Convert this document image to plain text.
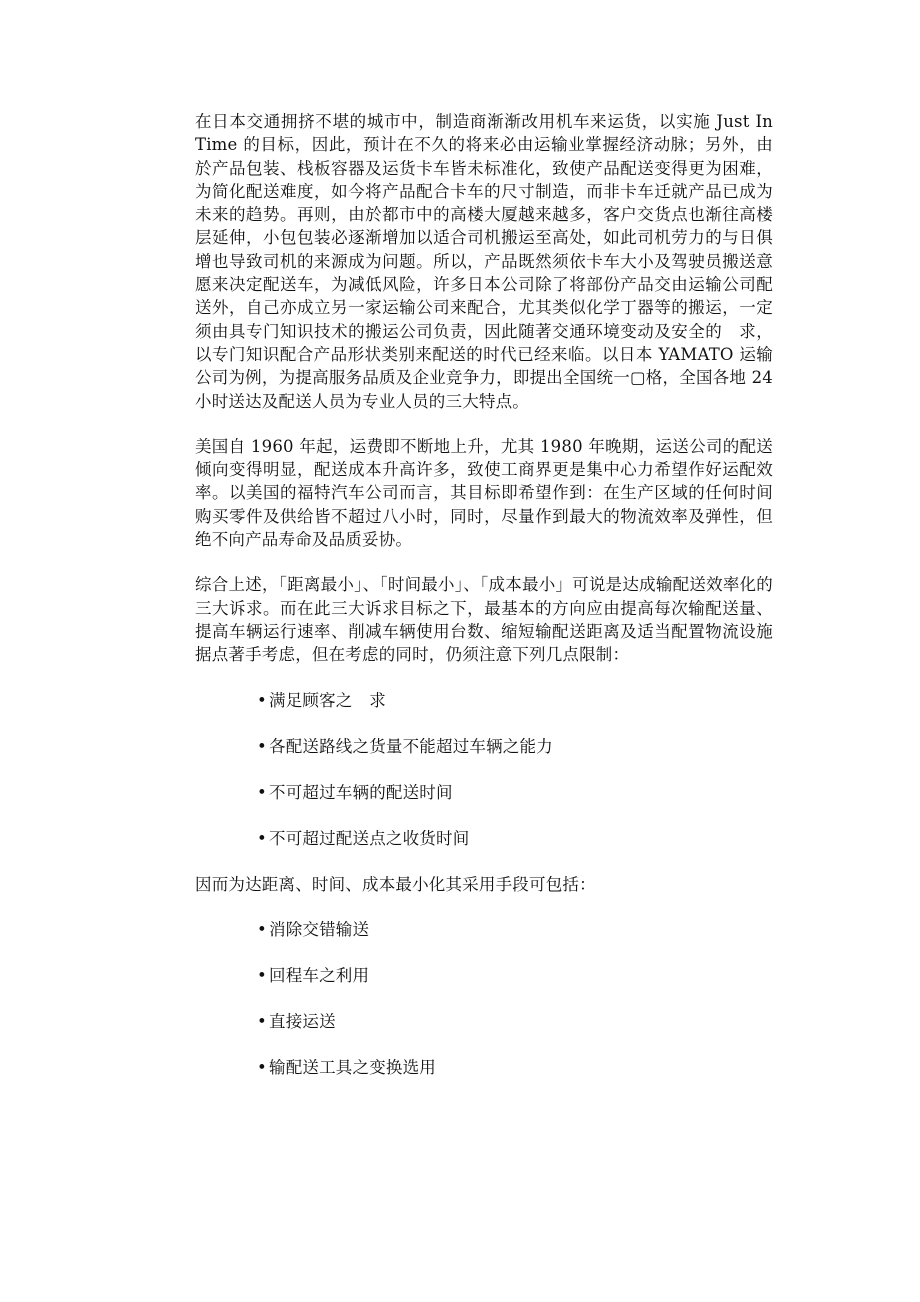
在日本交通拥挤不堪的城市中，制造商渐渐改用机车来运货，以实施 Just In Time 的目标，因此，预计在不久的将来必由运输业掌握经济动脉；另外，由於产品包装、栈板容器及运货卡车皆未标准化，致使产品配送变得更为困难，为简化配送难度，如今将产品配合卡车的尺寸制造，而非卡车迁就产品已成为未来的趋势。再则，由於都市中的高楼大厦越来越多，客户交货点也渐往高楼层延伸，小包包装必逐渐增加以适合司机搬运至高处，如此司机劳力的与日俱增也导致司机的来源成为问题。所以，产品既然须依卡车大小及驾驶员搬送意愿来决定配送车，为减低风险，许多日本公司除了将部份产品交由运输公司配送外，自己亦成立另一家运输公司来配合，尤其类似化学丁器等的搬运，一定须由具专门知识技术的搬运公司负责，因此随著交通环境变动及安全的　求，以专门知识配合产品形状类别来配送的时代已经来临。以日本 YAMATO 运输公司为例，为提高服务品质及企业竞争力，即提出全国统一▢格，全国各地 24 小时送达及配送人员为专业人员的三大特点。

美国自 1960 年起，运费即不断地上升，尤其 1980 年晚期，运送公司的配送倾向变得明显，配送成本升高许多，致使工商界更是集中心力希望作好运配效率。以美国的福特汽车公司而言，其目标即希望作到：在生产区域的任何时间购买零件及供给皆不超过八小时，同时，尽量作到最大的物流效率及弹性，但绝不向产品寿命及品质妥协。

综合上述，「距离最小」、「时间最小」、「成本最小」可说是达成输配送效率化的三大诉求。而在此三大诉求目标之下，最基本的方向应由提高每次输配送量、提高车辆运行速率、削减车辆使用台数、缩短输配送距离及适当配置物流设施据点著手考虑，但在考虑的同时，仍须注意下列几点限制：

• 满足顾客之　求
• 各配送路线之货量不能超过车辆之能力
• 不可超过车辆的配送时间
• 不可超过配送点之收货时间

因而为达距离、时间、成本最小化其采用手段可包括：

• 消除交错输送
• 回程车之利用
• 直接运送
• 输配送工具之变换选用
